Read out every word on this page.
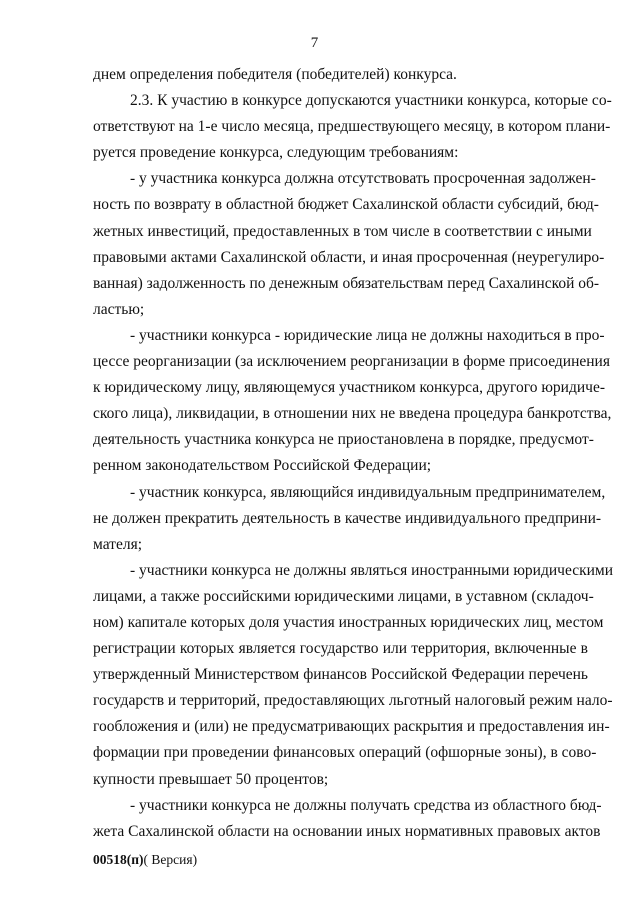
7
днем определения победителя (победителей) конкурса.
2.3. К участию в конкурсе допускаются участники конкурса, которые со-
ответствуют на 1-е число месяца, предшествующего месяцу, в котором плани-
руется проведение конкурса, следующим требованиям:
- у участника конкурса должна отсутствовать просроченная задолжен-
ность по возврату в областной бюджет Сахалинской области субсидий, бюд-
жетных инвестиций, предоставленных в том числе в соответствии с иными
правовыми актами Сахалинской области, и иная просроченная (неурегулиро-
ванная) задолженность по денежным обязательствам перед Сахалинской об-
ластью;
- участники конкурса - юридические лица не должны находиться в про-
цессе реорганизации (за исключением реорганизации в форме присоединения
к юридическому лицу, являющемуся участником конкурса, другого юридиче-
ского лица), ликвидации, в отношении них не введена процедура банкротства,
деятельность участника конкурса не приостановлена в порядке, предусмот-
ренном законодательством Российской Федерации;
- участник конкурса, являющийся индивидуальным предпринимателем,
не должен прекратить деятельность в качестве индивидуального предприни-
мателя;
- участники конкурса не должны являться иностранными юридическими
лицами, а также российскими юридическими лицами, в уставном (складоч-
ном) капитале которых доля участия иностранных юридических лиц, местом
регистрации которых является государство или территория, включенные в
утвержденный Министерством финансов Российской Федерации перечень
государств и территорий, предоставляющих льготный налоговый режим нало-
гообложения и (или) не предусматривающих раскрытия и предоставления ин-
формации при проведении финансовых операций (офшорные зоны), в сово-
купности превышает 50 процентов;
- участники конкурса не должны получать средства из областного бюд-
жета Сахалинской области на основании иных нормативных правовых актов
00518(п)( Версия)
